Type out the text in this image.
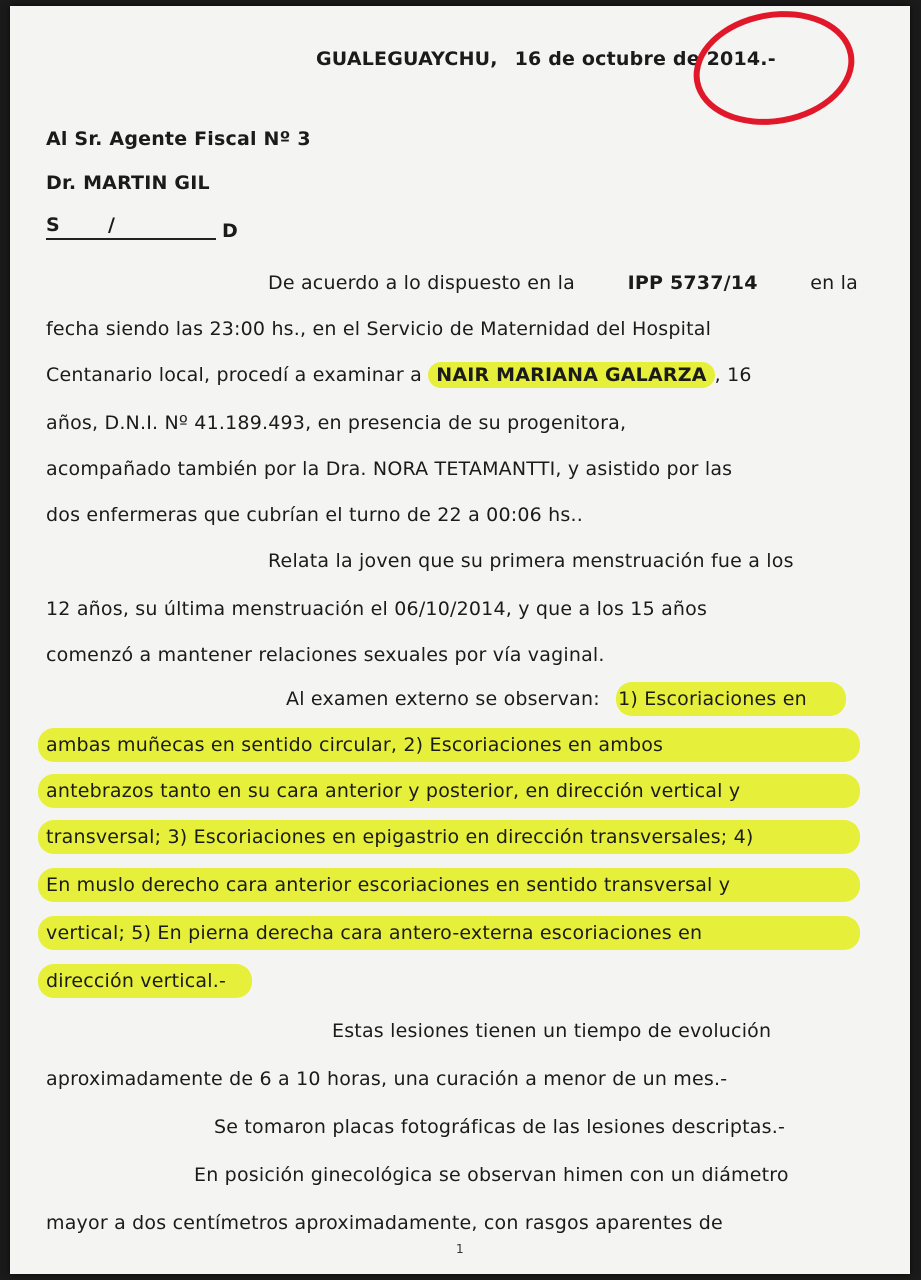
GUALEGUAYCHU, 16 de octubre de 2014.-
Al Sr. Agente Fiscal Nº 3
Dr. MARTIN GIL
S	/	D
De acuerdo a lo dispuesto en la	IPP 5737/14	en la
fecha siendo las 23:00 hs., en el Servicio de Maternidad del Hospital
Centanario local, procedí a examinar a NAIR MARIANA GALARZA , 16
años, D.N.I. Nº 41.189.493, en presencia de su progenitora,
acompañado también por la Dra. NORA TETAMANTTI, y asistido por las
dos enfermeras que cubrían el turno de 22 a 00:06 hs..
Relata la joven que su primera menstruación fue a los
12 años, su última menstruación el 06/10/2014, y que a los 15 años
comenzó a mantener relaciones sexuales por vía vaginal.
Al examen externo se observan: 1) Escoriaciones en
ambas muñecas en sentido circular, 2) Escoriaciones en ambos
antebrazos tanto en su cara anterior y posterior, en dirección vertical y
transversal; 3) Escoriaciones en epigastrio en dirección transversales; 4)
En muslo derecho cara anterior escoriaciones en sentido transversal y
vertical; 5) En pierna derecha cara antero-externa escoriaciones en
dirección vertical.-
Estas lesiones tienen un tiempo de evolución
aproximadamente de 6 a 10 horas, una curación a menor de un mes.-
Se tomaron placas fotográficas de las lesiones descriptas.-
En posición ginecológica se observan himen con un diámetro
mayor a dos centímetros aproximadamente, con rasgos aparentes de
1
